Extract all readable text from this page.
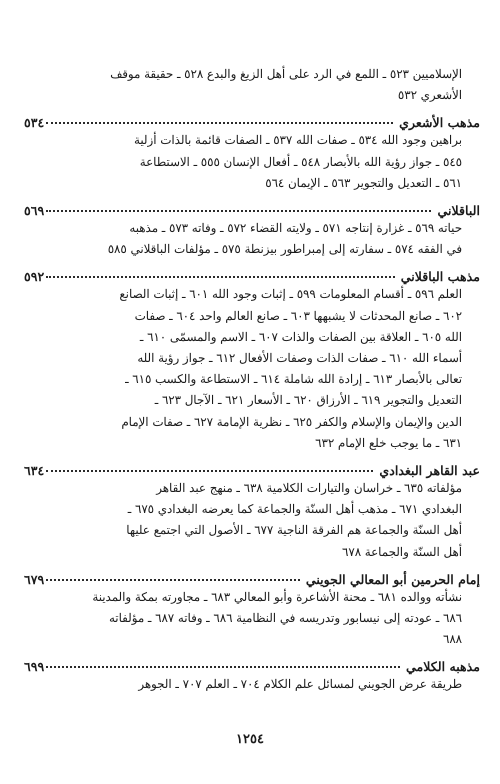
الإسلاميين ٥٢٣ ـ اللمع في الرد على أهل الزيغ والبدع ٥٢٨ ـ حقيقة موقف

الأشعري ٥٣٢

مذهب الأشعري
٥٣٤

براهين وجود الله ٥٣٤ ـ صفات الله ٥٣٧ ـ الصفات قائمة بالذات أزلية

٥٤٥ ـ جواز رؤية الله بالأبصار ٥٤٨ ـ أفعال الإنسان ٥٥٥ ـ الاستطاعة

٥٦١ ـ التعديل والتجوير ٥٦٣ ـ الإيمان ٥٦٤

الباقلاني
٥٦٩

حياته ٥٦٩ ـ غزارة إنتاجه ٥٧١ ـ ولايته القضاء ٥٧٢ ـ وفاته ٥٧٣ ـ مذهبه

في الفقه ٥٧٤ ـ سفارته إلى إمبراطور بيزنطة ٥٧٥ ـ مؤلفات الباقلاني ٥٨٥

مذهب الباقلاني
٥٩٢

العلم ٥٩٦ ـ أقسام المعلومات ٥٩٩ ـ إثبات وجود الله ٦٠١ ـ إثبات الصانع

٦٠٢ ـ صانع المحدثات لا يشبهها ٦٠٣ ـ صانع العالم واحد ٦٠٤ ـ صفات

الله ٦٠٥ ـ العلاقة بين الصفات والذات ٦٠٧ ـ الاسم والمسمّى ٦١٠ ـ

أسماء الله ٦١٠ ـ صفات الذات وصفات الأفعال ٦١٢ ـ جواز رؤية الله

تعالى بالأبصار ٦١٣ ـ إرادة الله شاملة ٦١٤ ـ الاستطاعة والكسب ٦١٥ ـ

التعديل والتجوير ٦١٩ ـ الأرزاق ٦٢٠ ـ الأسعار ٦٢١ ـ الآجال ٦٢٣ ـ

الدين والإيمان والإسلام والكفر ٦٢٥ ـ نظرية الإمامة ٦٢٧ ـ صفات الإمام

٦٣١ ـ ما يوجب خلع الإمام ٦٣٢

عبد القاهر البغدادي
٦٣٤

مؤلفاته ٦٣٥ ـ خراسان والتيارات الكلامية ٦٣٨ ـ منهج عبد القاهر

البغدادي ٦٧١ ـ مذهب أهل السنّة والجماعة كما يعرضه البغدادي ٦٧٥ ـ

أهل السنّة والجماعة هم الفرقة الناجية ٦٧٧ ـ الأصول التي اجتمع عليها

أهل السنّة والجماعة ٦٧٨

إمام الحرمين أبو المعالي الجويني
٦٧٩

نشأته ووالده ٦٨١ ـ محنة الأشاعرة وأبو المعالي ٦٨٣ ـ مجاورته بمكة والمدينة

٦٨٦ ـ عودته إلى نيسابور وتدريسه في النظامية ٦٨٦ ـ وفاته ٦٨٧ ـ مؤلفاته

٦٨٨

مذهبه الكلامي
٦٩٩

طريقة عرض الجويني لمسائل علم الكلام ٧٠٤ ـ العلم ٧٠٧ ـ الجوهر

١٢٥٤
